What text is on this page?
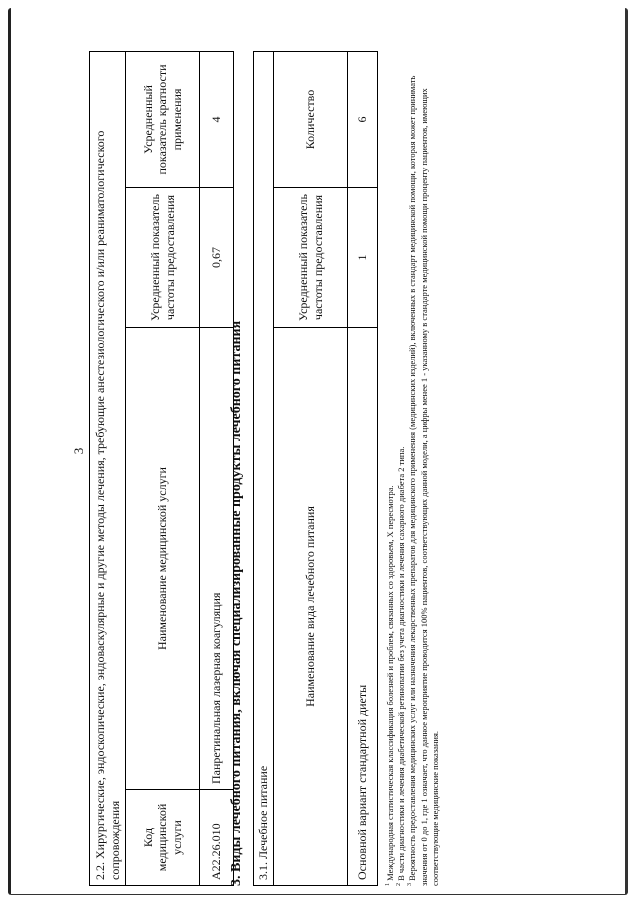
3 2.2. Хирургические, эндоскопические, эндоваскулярные и другие методы лечения, требующие анестезиологического и/или реаниматологического сопровождения			
Код медицинской услуги	Наименование медицинской услуги	Усредненный показатель частоты предоставления	Усредненный показатель кратности применения
A22.26.010	Панретинальная лазерная коагуляция	0,67	4
3. Виды лечебного питания, включая специализированные продукты лечебного питания 3.1. Лечебное питание		
Наименование вида лечебного питания	Усредненный показатель частоты предоставления	Количество
Основной вариант стандартной диеты	1	6

$^1$ Международная статистическая классификация болезней и проблем, связанных со здоровьем, X пересмотра.

$^2$ В части диагностики и лечения диабетической ретинопатии без учета диагностики и лечения сахарного диабета 2 типа.

$^3$ Вероятность предоставления медицинских услуг или назначения лекарственных препаратов для медицинского применения (медицинских изделий), включенных в стандарт медицинской помощи, которая может принимать значения от 0 до 1, где 1 означает, что данное мероприятие проводится 100% пациентов, соответствующих данной модели, а цифры менее 1 - указанному в стандарте медицинской помощи проценту пациентов, имеющих соответствующие медицинские показания.
